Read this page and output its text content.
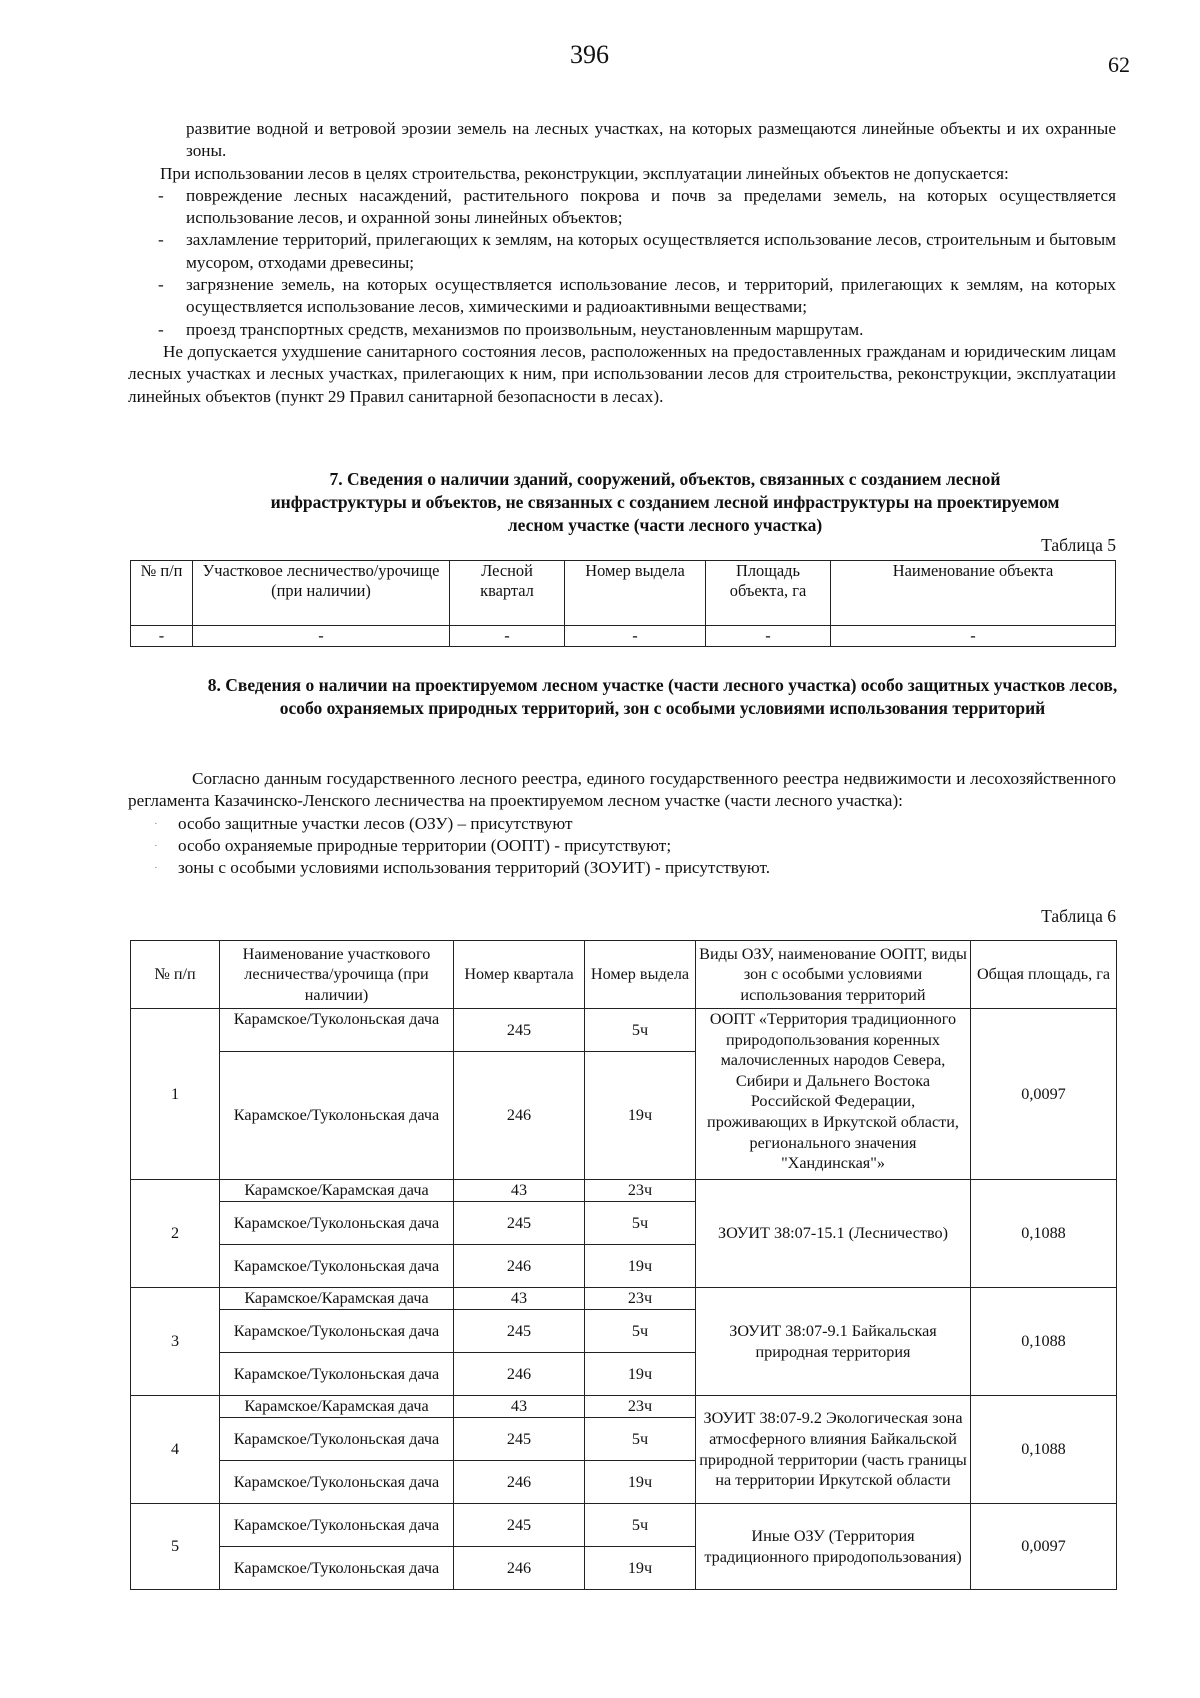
396	62

развитие водной и ветровой эрозии земель на лесных участках, на которых размещаются линейные объекты и их охранные зоны.

При использовании лесов в целях строительства, реконструкции, эксплуатации линейных объектов не допускается:

- повреждение лесных насаждений, растительного покрова и почв за пределами земель, на которых осуществляется использование лесов, и охранной зоны линейных объектов;

- захламление территорий, прилегающих к землям, на которых осуществляется использование лесов, строительным и бытовым мусором, отходами древесины;

- загрязнение земель, на которых осуществляется использование лесов, и территорий, прилегающих к землям, на которых осуществляется использование лесов, химическими и радиоактивными веществами;

- проезд транспортных средств, механизмов по произвольным, неустановленным маршрутам.

Не допускается ухудшение санитарного состояния лесов, расположенных на предоставленных гражданам и юридическим лицам лесных участках и лесных участках, прилегающих к ним, при использовании лесов для строительства, реконструкции, эксплуатации линейных объектов (пункт 29 Правил санитарной безопасности в лесах).

7. Сведения о наличии зданий, сооружений, объектов, связанных с созданием лесной инфраструктуры и объектов, не связанных с созданием лесной инфраструктуры на проектируемом лесном участке (части лесного участка)

Таблица 5

№ п/п	Участковое лесничество/урочище (при наличии)	Лесной квартал	Номер выдела	Площадь объекта, га	Наименование объекта
-	-	-	-	-	-

8. Сведения о наличии на проектируемом лесном участке (части лесного участка) особо защитных участков лесов, особо охраняемых природных территорий, зон с особыми условиями использования территорий

Согласно данным государственного лесного реестра, единого государственного реестра недвижимости и лесохозяйственного регламента Казачинско-Ленского лесничества на проектируемом лесном участке (части лесного участка):

· особо защитные участки лесов (ОЗУ) – присутствуют

· особо охраняемые природные территории (ООПТ) - присутствуют;

· зоны с особыми условиями использования территорий (ЗОУИТ) - присутствуют.

Таблица 6

№ п/п	Наименование участкового лесничества/урочища (при наличии)	Номер квартала	Номер выдела	Виды ОЗУ, наименование ООПТ, виды зон с особыми условиями использования территорий	Общая площадь, га
1	Карамское/Туколоньская дача	245	5ч	ООПТ «Территория традиционного природопользования коренных малочисленных народов Севера, Сибири и Дальнего Востока Российской Федерации, проживающих в Иркутской области, регионального значения "Хандинская"»	0,0097
	Карамское/Туколоньская дача	246	19ч		
2	Карамское/Карамская дача	43	23ч	ЗОУИТ 38:07-15.1 (Лесничество)	0,1088
	Карамское/Туколоньская дача	245	5ч		
	Карамское/Туколоньская дача	246	19ч		
3	Карамское/Карамская дача	43	23ч	ЗОУИТ 38:07-9.1 Байкальская природная территория	0,1088
	Карамское/Туколоньская дача	245	5ч		
	Карамское/Туколоньская дача	246	19ч		
4	Карамское/Карамская дача	43	23ч	ЗОУИТ 38:07-9.2 Экологическая зона атмосферного влияния Байкальской природной территории (часть границы на территории Иркутской области	0,1088
	Карамское/Туколоньская дача	245	5ч		
	Карамское/Туколоньская дача	246	19ч		
5	Карамское/Туколоньская дача	245	5ч	Иные ОЗУ (Территория традиционного природопользования)	0,0097
	Карамское/Туколоньская дача	246	19ч		
